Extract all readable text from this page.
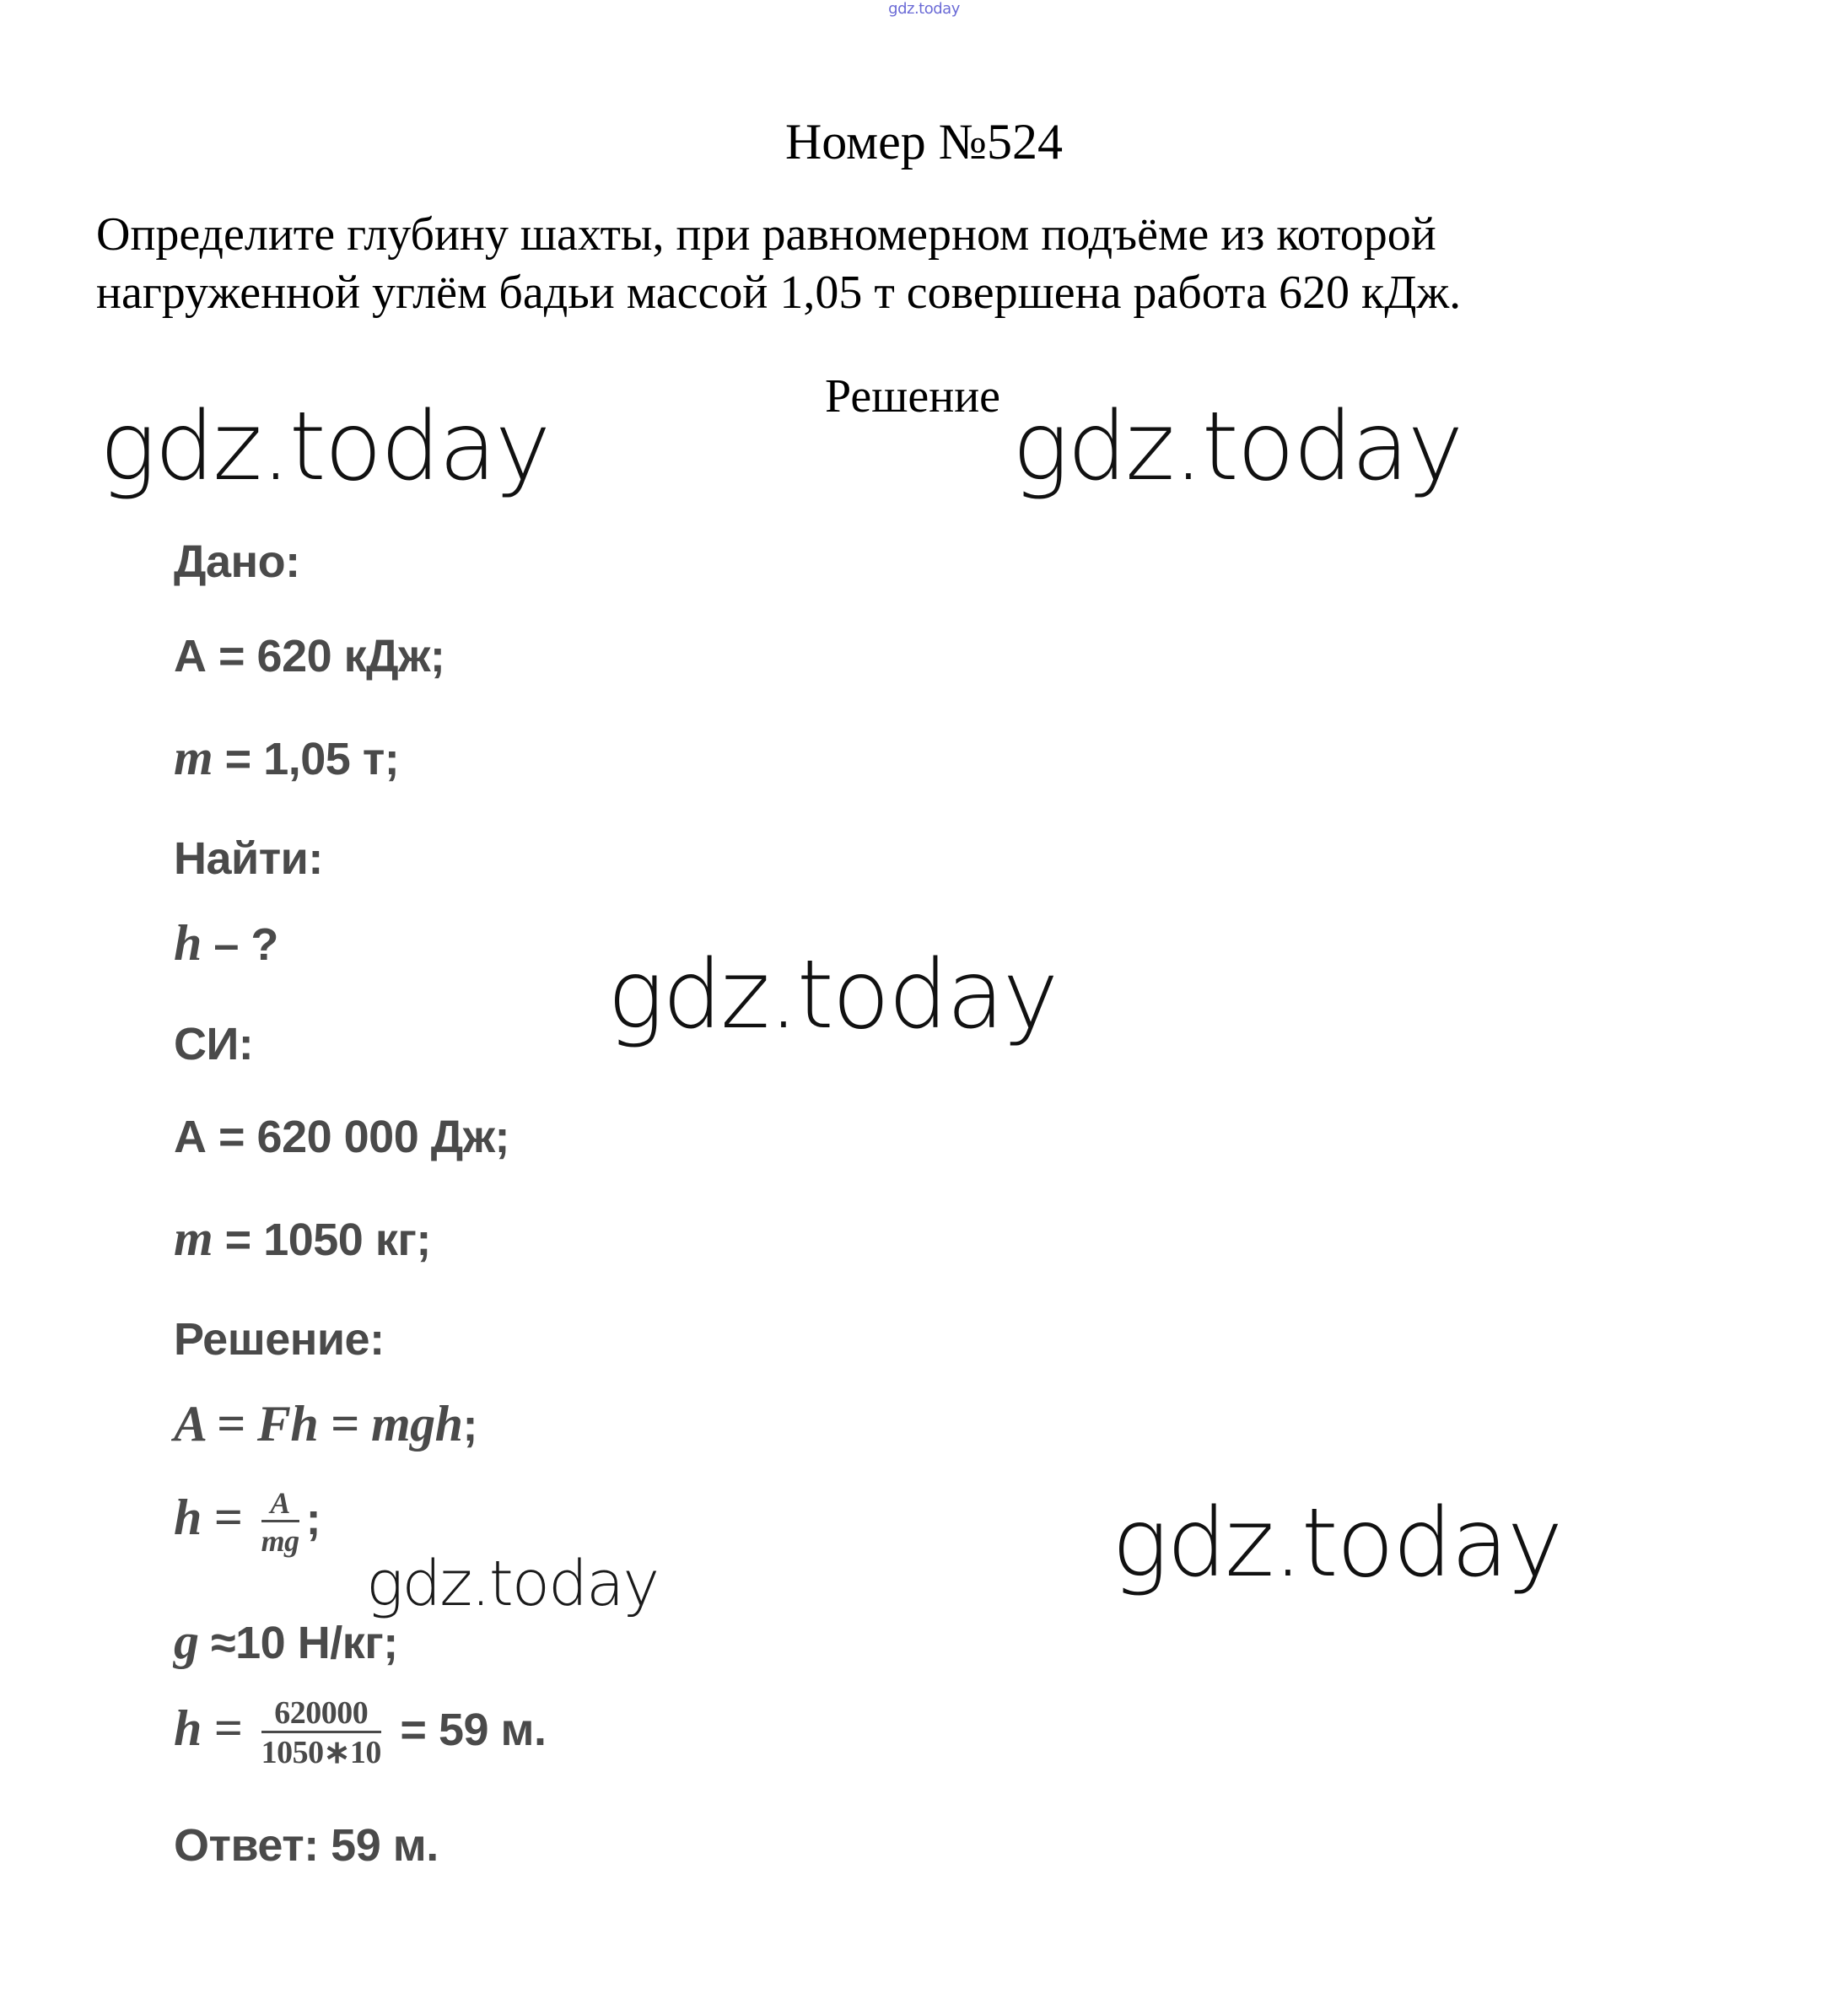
gdz.today
Номер №524
Определите глубину шахты, при равномерном подъёме из которой
нагруженной углём бадьи массой 1,05 т совершена работа 620 кДж.
Решение
gdz.today	gdz.today
gdz.today
gdz.today
gdz.today
Дано:
А = 620 кДж;
m = 1,05 т;
Найти:
h – ?
СИ:
А = 620 000 Дж;
m = 1050 кг;
Решение:
A = Fh = mgh;
$h = \frac{A}{mg}$ ;
g ≈10 Н/кг;
$h = \frac{620000}{1050∗10} = 59$ м.
Ответ: 59 м.
